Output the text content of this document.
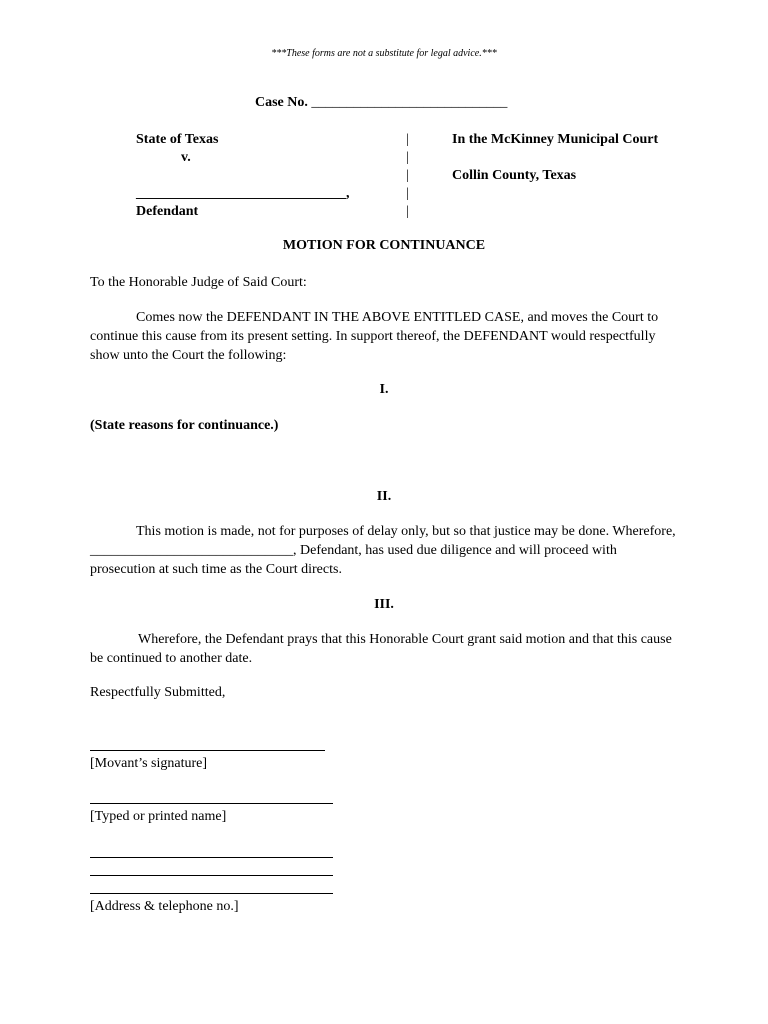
***These forms are not a substitute for legal advice.***
Case No. ____________________________
State of Texas
v.
______________________________,
Defendant
|
|
|
|
|
In the McKinney Municipal Court
Collin County, Texas
MOTION FOR CONTINUANCE
To the Honorable Judge of Said Court:
Comes now the DEFENDANT IN THE ABOVE ENTITLED CASE, and moves the Court to continue this cause from its present setting. In support thereof, the DEFENDANT would respectfully show unto the Court the following:
I.
(State reasons for continuance.)
II.
This motion is made, not for purposes of delay only, but so that justice may be done. Wherefore, _____________________________, Defendant, has used due diligence and will proceed with prosecution at such time as the Court directs.
III.
Wherefore, the Defendant prays that this Honorable Court grant said motion and that this cause be continued to another date.
Respectfully Submitted,
[Movant’s signature]
[Typed or printed name]
[Address & telephone no.]
